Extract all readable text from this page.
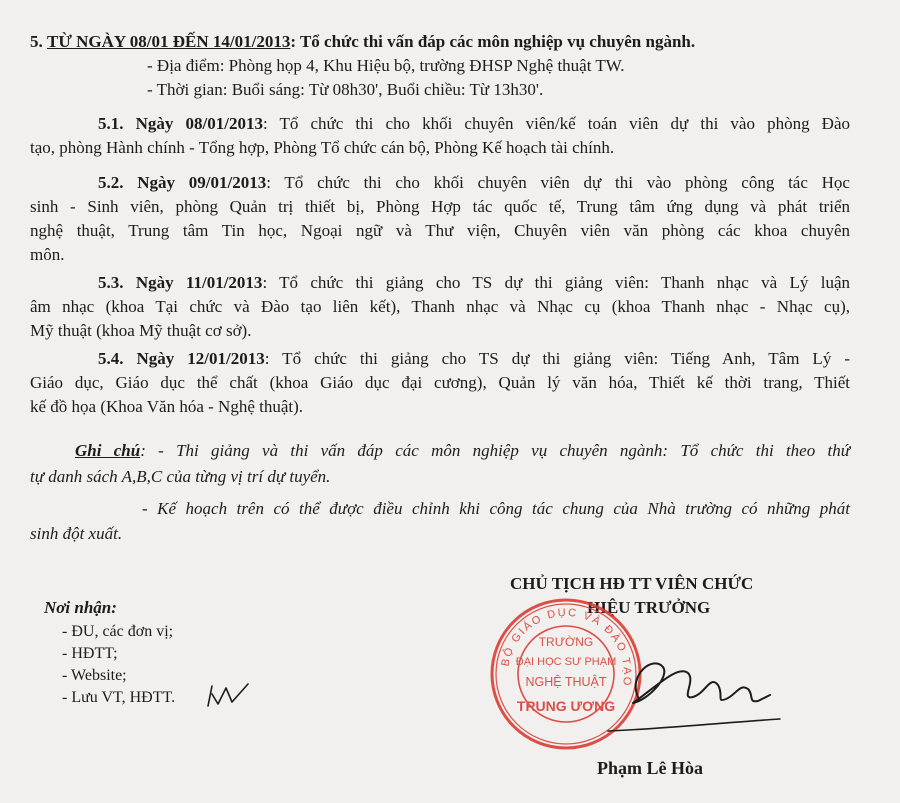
5. TỪ NGÀY 08/01 ĐẾN 14/01/2013: Tổ chức thi vấn đáp các môn nghiệp vụ chuyên ngành.
- Địa điểm: Phòng họp 4, Khu Hiệu bộ, trường ĐHSP Nghệ thuật TW.
- Thời gian: Buổi sáng: Từ 08h30', Buổi chiều: Từ 13h30'.
5.1. Ngày 08/01/2013: Tổ chức thi cho khối chuyên viên/kế toán viên dự thi vào phòng Đào
tạo, phòng Hành chính - Tổng hợp, Phòng Tổ chức cán bộ, Phòng Kế hoạch tài chính.
5.2. Ngày 09/01/2013: Tổ chức thi cho khối chuyên viên dự thi vào phòng công tác Học
sinh - Sinh viên, phòng Quản trị thiết bị, Phòng Hợp tác quốc tế, Trung tâm ứng dụng và phát triển
nghệ thuật, Trung tâm Tin học, Ngoại ngữ và Thư viện, Chuyên viên văn phòng các khoa chuyên
môn.
5.3. Ngày 11/01/2013: Tổ chức thi giảng cho TS dự thi giảng viên: Thanh nhạc và Lý luận
âm nhạc (khoa Tại chức và Đào tạo liên kết), Thanh nhạc và Nhạc cụ (khoa Thanh nhạc - Nhạc cụ),
Mỹ thuật (khoa Mỹ thuật cơ sở).
5.4. Ngày 12/01/2013: Tổ chức thi giảng cho TS dự thi giảng viên: Tiếng Anh, Tâm Lý -
Giáo dục, Giáo dục thể chất (khoa Giáo dục đại cương), Quản lý văn hóa, Thiết kế thời trang, Thiết
kế đồ họa (Khoa Văn hóa - Nghệ thuật).
Ghi chú: - Thi giảng và thi vấn đáp các môn nghiệp vụ chuyên ngành: Tổ chức thi theo thứ
tự danh sách A,B,C của từng vị trí dự tuyển.
- Kế hoạch trên có thể được điều chỉnh khi công tác chung của Nhà trường có những phát
sinh đột xuất.
Nơi nhận:
- ĐU, các đơn vị;
- HĐTT;
- Website;
- Lưu VT, HĐTT.
CHỦ TỊCH HĐ TT VIÊN CHỨC
HIỆU TRƯỞNG
BỘ GIÁO DỤC VÀ ĐÀO TẠO
TRƯỜNG
ĐẠI HỌC SƯ PHẠM
NGHỆ THUẬT
TRUNG ƯƠNG
Phạm Lê Hòa
